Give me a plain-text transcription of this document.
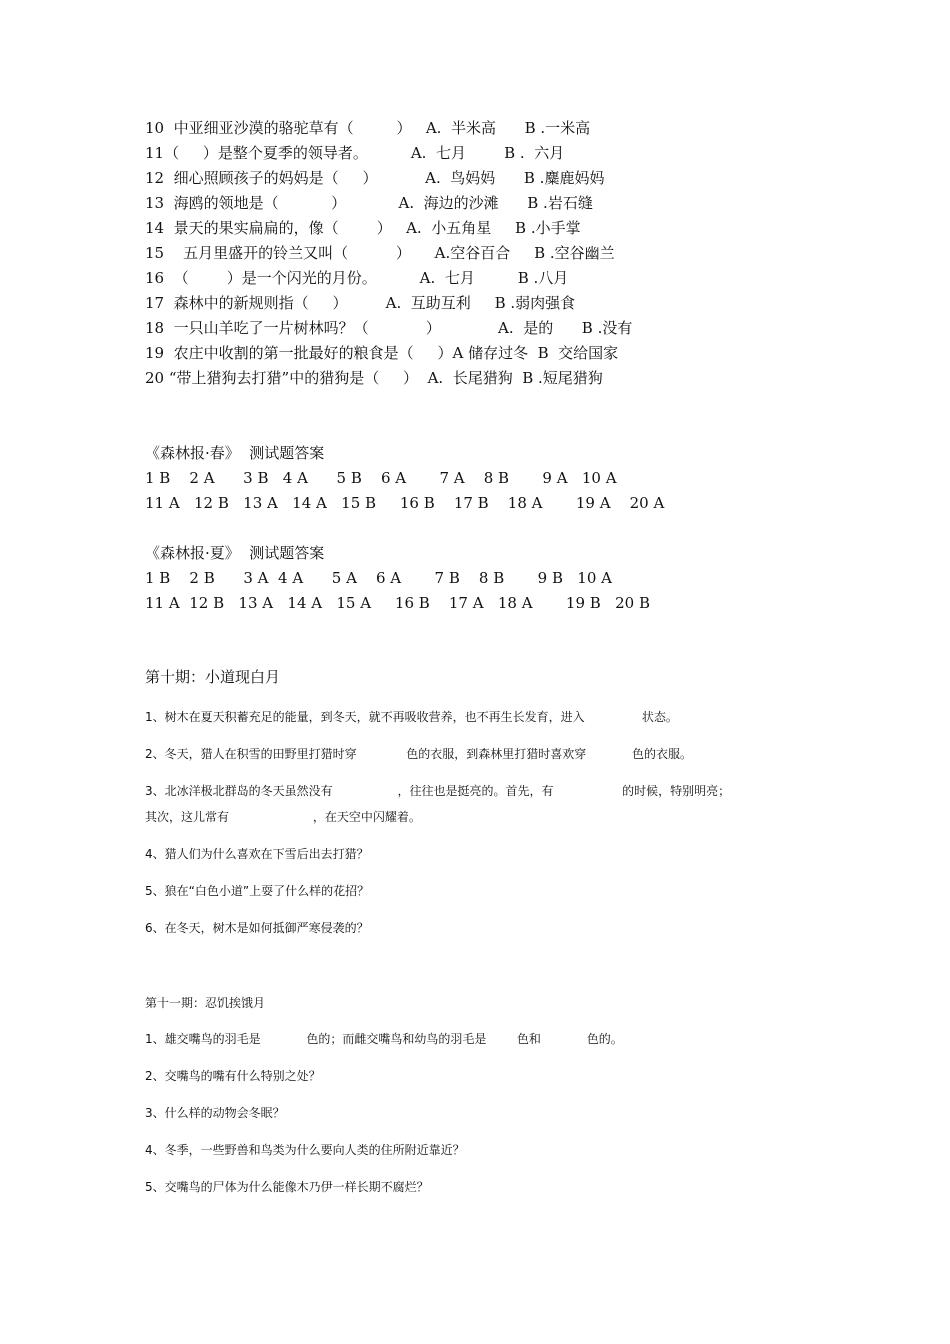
10  中亚细亚沙漠的骆驼草有（         ）   A.  半米高      B .一米高
11（     ）是整个夏季的领导者。         A.  七月        B .  六月
12  细心照顾孩子的妈妈是（     ）          A.  鸟妈妈      B .麋鹿妈妈
13  海鸥的领地是（           ）           A.  海边的沙滩      B .岩石缝
14  景天的果实扁扁的，像（        ）   A.  小五角星     B .小手掌
15    五月里盛开的铃兰又叫（          ）     A.空谷百合     B .空谷幽兰
16  （        ）是一个闪光的月份。         A.  七月         B .八月
17  森林中的新规则指（     ）        A.  互助互利     B .弱肉强食
18  一只山羊吃了一片树林吗？（            ）            A.  是的      B .没有
19  农庄中收割的第一批最好的粮食是（     ）A 储存过冬  B  交给国家
20 “带上猎狗去打猎”中的猎狗是（     ）  A.  长尾猎狗  B .短尾猎狗
《森林报·春》  测试题答案
1 B    2 A      3 B   4 A      5 B    6 A       7 A    8 B       9 A   10 A
11 A   12 B   13 A   14 A   15 B     16 B    17 B    18 A       19 A    20 A
《森林报·夏》  测试题答案
1 B    2 B      3 A  4 A      5 A    6 A       7 B    8 B       9 B   10 A
11 A  12 B   13 A   14 A   15 A     16 B    17 A   18 A       19 B   20 B
第十期：小道现白月
1、树木在夏天积蓄充足的能量，到冬天，就不再吸收营养，也不再生长发育，进入               状态。
2、冬天，猎人在积雪的田野里打猎时穿             色的衣服，到森林里打猎时喜欢穿            色的衣服。
3、北冰洋极北群岛的冬天虽然没有                 ，往往也是挺亮的。首先，有                  的时候，特别明亮；
其次，这儿常有                      ，在天空中闪耀着。
4、猎人们为什么喜欢在下雪后出去打猎？
5、狼在“白色小道”上耍了什么样的花招？
6、在冬天，树木是如何抵御严寒侵袭的？
第十一期：忍饥挨饿月
1、雄交嘴鸟的羽毛是            色的；而雌交嘴鸟和幼鸟的羽毛是        色和            色的。
2、交嘴鸟的嘴有什么特别之处？
3、什么样的动物会冬眠？
4、冬季，一些野兽和鸟类为什么要向人类的住所附近靠近？
5、交嘴鸟的尸体为什么能像木乃伊一样长期不腐烂？
